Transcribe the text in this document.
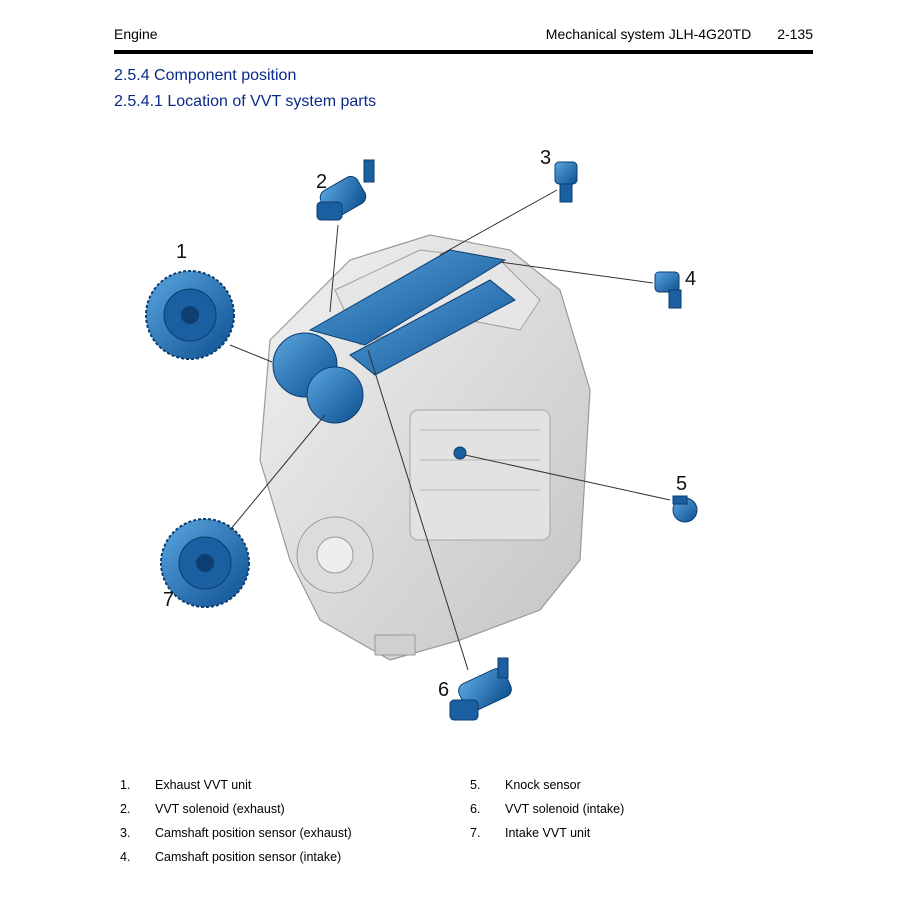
Engine	Mechanical system JLH-4G20TD 2-135
2.5.4 Component position
2.5.4.1 Location of VVT system parts
1
2
3
4
5
6
7
1. Exhaust VVT unit
2. VVT solenoid (exhaust)
3. Camshaft position sensor (exhaust)
4. Camshaft position sensor (intake)
5. Knock sensor
6. VVT solenoid (intake)
7. Intake VVT unit
